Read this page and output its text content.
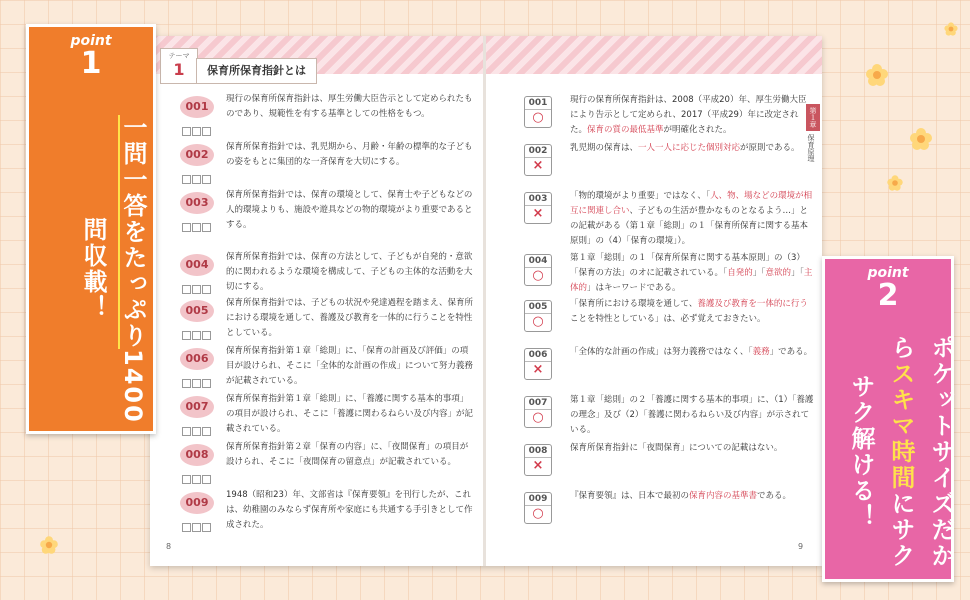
テーマ
1	保育所保育指針とは
001
現行の保育所保育指針は、厚生労働大臣告示として定められたものであり、規範性を有する基準としての性格をもつ。
002
保育所保育指針では、乳児期から、月齢・年齢の標準的な子どもの姿をもとに集団的な一斉保育を大切にする。
003
保育所保育指針では、保育の環境として、保育士や子どもなどの人的環境よりも、施設や遊具などの物的環境がより重要であるとする。
004
保育所保育指針では、保育の方法として、子どもが自発的・意欲的に関われるような環境を構成して、子どもの主体的な活動を大切にする。
005
保育所保育指針では、子どもの状況や発達過程を踏まえ、保育所における環境を通して、養護及び教育を一体的に行うことを特性としている。
006
保育所保育指針第１章「総則」に、「保育の計画及び評価」の項目が設けられ、そこに「全体的な計画の作成」について努力義務が記載されている。
007
保育所保育指針第１章「総則」に、「養護に関する基本的事項」の項目が設けられ、そこに「養護に関わるねらい及び内容」が記載されている。
008
保育所保育指針第２章「保育の内容」に、「夜間保育」の項目が設けられ、そこに「夜間保育の留意点」が記載されている。
009
1948（昭和23）年、文部省は『保育要領』を刊行したが、これは、幼稚園のみならず保育所や家庭にも共通する手引きとして作成された。
8
001
○
現行の保育所保育指針は、2008（平成20）年、厚生労働大臣により告示として定められ、2017（平成29）年に改定された。保育の質の最低基準が明確化された。
002
×
乳児期の保育は、一人一人に応じた個別対応が原則である。
003
×
「物的環境がより重要」ではなく、「人、物、場などの環境が相互に関連し合い、子どもの生活が豊かなものとなるよう…」との記載がある（第１章「総則」の１「保育所保育に関する基本原則」の（4）「保育の環境」）。
004
○
第１章「総則」の１「保育所保育に関する基本原則」の（3）「保育の方法」のオに記載されている。「自発的」「意欲的」「主体的」はキーワードである。
005
○
「保育所における環境を通して、養護及び教育を一体的に行うことを特性としている」は、必ず覚えておきたい。
006
×
「全体的な計画の作成」は努力義務ではなく、「義務」である。
007
○
第１章「総則」の２「養護に関する基本的事項」に、（1）「養護の理念」及び（2）「養護に関わるねらい及び内容」が示されている。
008
×
保育所保育指針に「夜間保育」についての記載はない。
009
○
『保育要領』は、日本で最初の保育内容の基準書である。
9
第１章
保育原理
point
1
一問一答をたっぷり1400問収載！	point
2
ポケットサイズだからスキマ時間にサクサク解ける！
